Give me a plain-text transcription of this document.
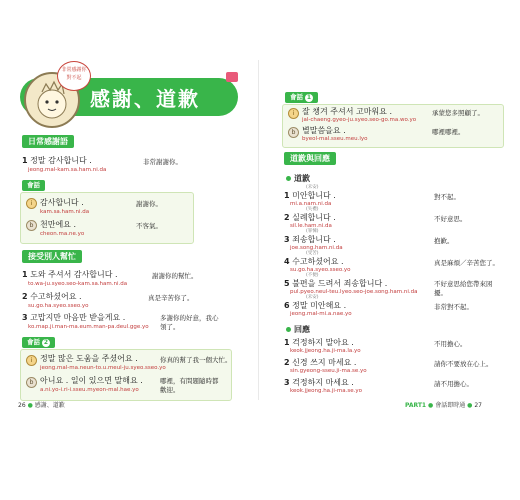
感謝、道歉
非常感謝你
對不起
日常感謝語
1 정말 감사합니다 .
jeong.mal-kam.sa.ham.ni.da
非常謝謝你。
會話
i 감사합니다 .
kam.sa.ham.ni.da
謝謝你。
b 천만에요 .
cheon.ma.ne.yo
不客氣。
接受別人幫忙
1 도와 주셔서 감사합니다 .
to.wa-ju.syeo.seo-kam.sa.ham.ni.da
謝謝你的幫忙。
2 수고하셨어요 .
su.go.ha.syeo.sseo.yo
真是辛苦你了。
3 고맙지만 마음만 받을게요 .
ko.map.ji.man-ma.eum.man-pa.deul.gge.yo
多謝你的好意，我心領了。
會話 2
i 정말 많은 도움을 주셨어요 .
jeong.mal-ma.neun-to.u.meul-ju.syeo.sseo.yo
你真的幫了我一個大忙。
b 아니요 . 일이 있으면 말해요 .
a.ni.yo-i.ri-i.sseu.myeon-mal.hae.yo
哪裡，有問題隨時都歡迎。
26 ● 感謝、道歉
會話 1
i 잘 챙겨 주셔서 고마워요 .
jal-chaeng.gyeo-ju.syeo.seo-go.ma.wo.yo
承蒙您多照顧了。
b 별말씀을요 .
byeol-mal.sseu.meu.lyo
哪裡哪裡。
道歉與回應
道歉
(未安)
1 미안합니다 .
mi.a.nam.ni.da
對不起。
(失禮)
2 실례합니다 .
sil.le.ham.ni.da
不好意思。
(罪悚)
3 죄송합니다 .
joe.song.ham.ni.da
抱歉。
(受苦)
4 수고하셨어요 .
su.go.ha.syeo.sseo.yo
真是麻煩／辛苦您了。
(不便)
5 불편을 드려서 죄송합니다 .
pul.pyeo.neul-teu.lyeo.seo-joe.song.ham.ni.da
不好意思給您帶來困擾。
(未安)
6 정말 미안해요 .
jeong.mal-mi.a.nae.yo
非常對不起。
回應
1 걱정하지 말아요 .
keok.jjeong.ha.ji-ma.la.yo
不用擔心。
2 신경 쓰지 마세요 .
sin.gyeong-sseu.ji-ma.se.yo
請你不要放在心上。
3 걱정하지 마세요 .
keok.jjeong.ha.ji-ma.se.yo
請不用擔心。
PART1 ● 會話即時通 ● 27
